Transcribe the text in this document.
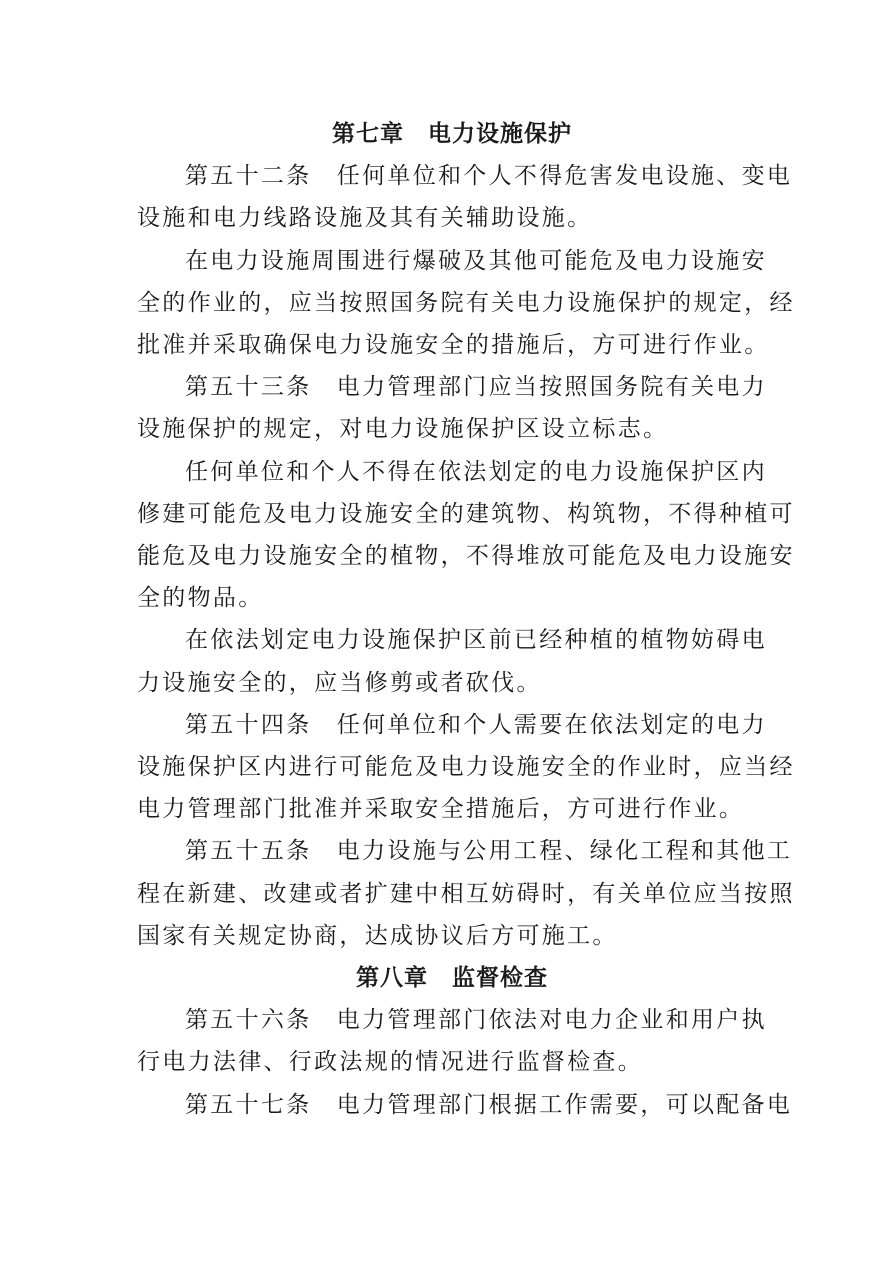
第七章　电力设施保护
第五十二条　任何单位和个人不得危害发电设施、变电
设施和电力线路设施及其有关辅助设施。
在电力设施周围进行爆破及其他可能危及电力设施安
全的作业的，应当按照国务院有关电力设施保护的规定，经
批准并采取确保电力设施安全的措施后，方可进行作业。
第五十三条　电力管理部门应当按照国务院有关电力
设施保护的规定，对电力设施保护区设立标志。
任何单位和个人不得在依法划定的电力设施保护区内
修建可能危及电力设施安全的建筑物、构筑物，不得种植可
能危及电力设施安全的植物，不得堆放可能危及电力设施安
全的物品。
在依法划定电力设施保护区前已经种植的植物妨碍电
力设施安全的，应当修剪或者砍伐。
第五十四条　任何单位和个人需要在依法划定的电力
设施保护区内进行可能危及电力设施安全的作业时，应当经
电力管理部门批准并采取安全措施后，方可进行作业。
第五十五条　电力设施与公用工程、绿化工程和其他工
程在新建、改建或者扩建中相互妨碍时，有关单位应当按照
国家有关规定协商，达成协议后方可施工。
第八章　监督检查
第五十六条　电力管理部门依法对电力企业和用户执
行电力法律、行政法规的情况进行监督检查。
第五十七条　电力管理部门根据工作需要，可以配备电
